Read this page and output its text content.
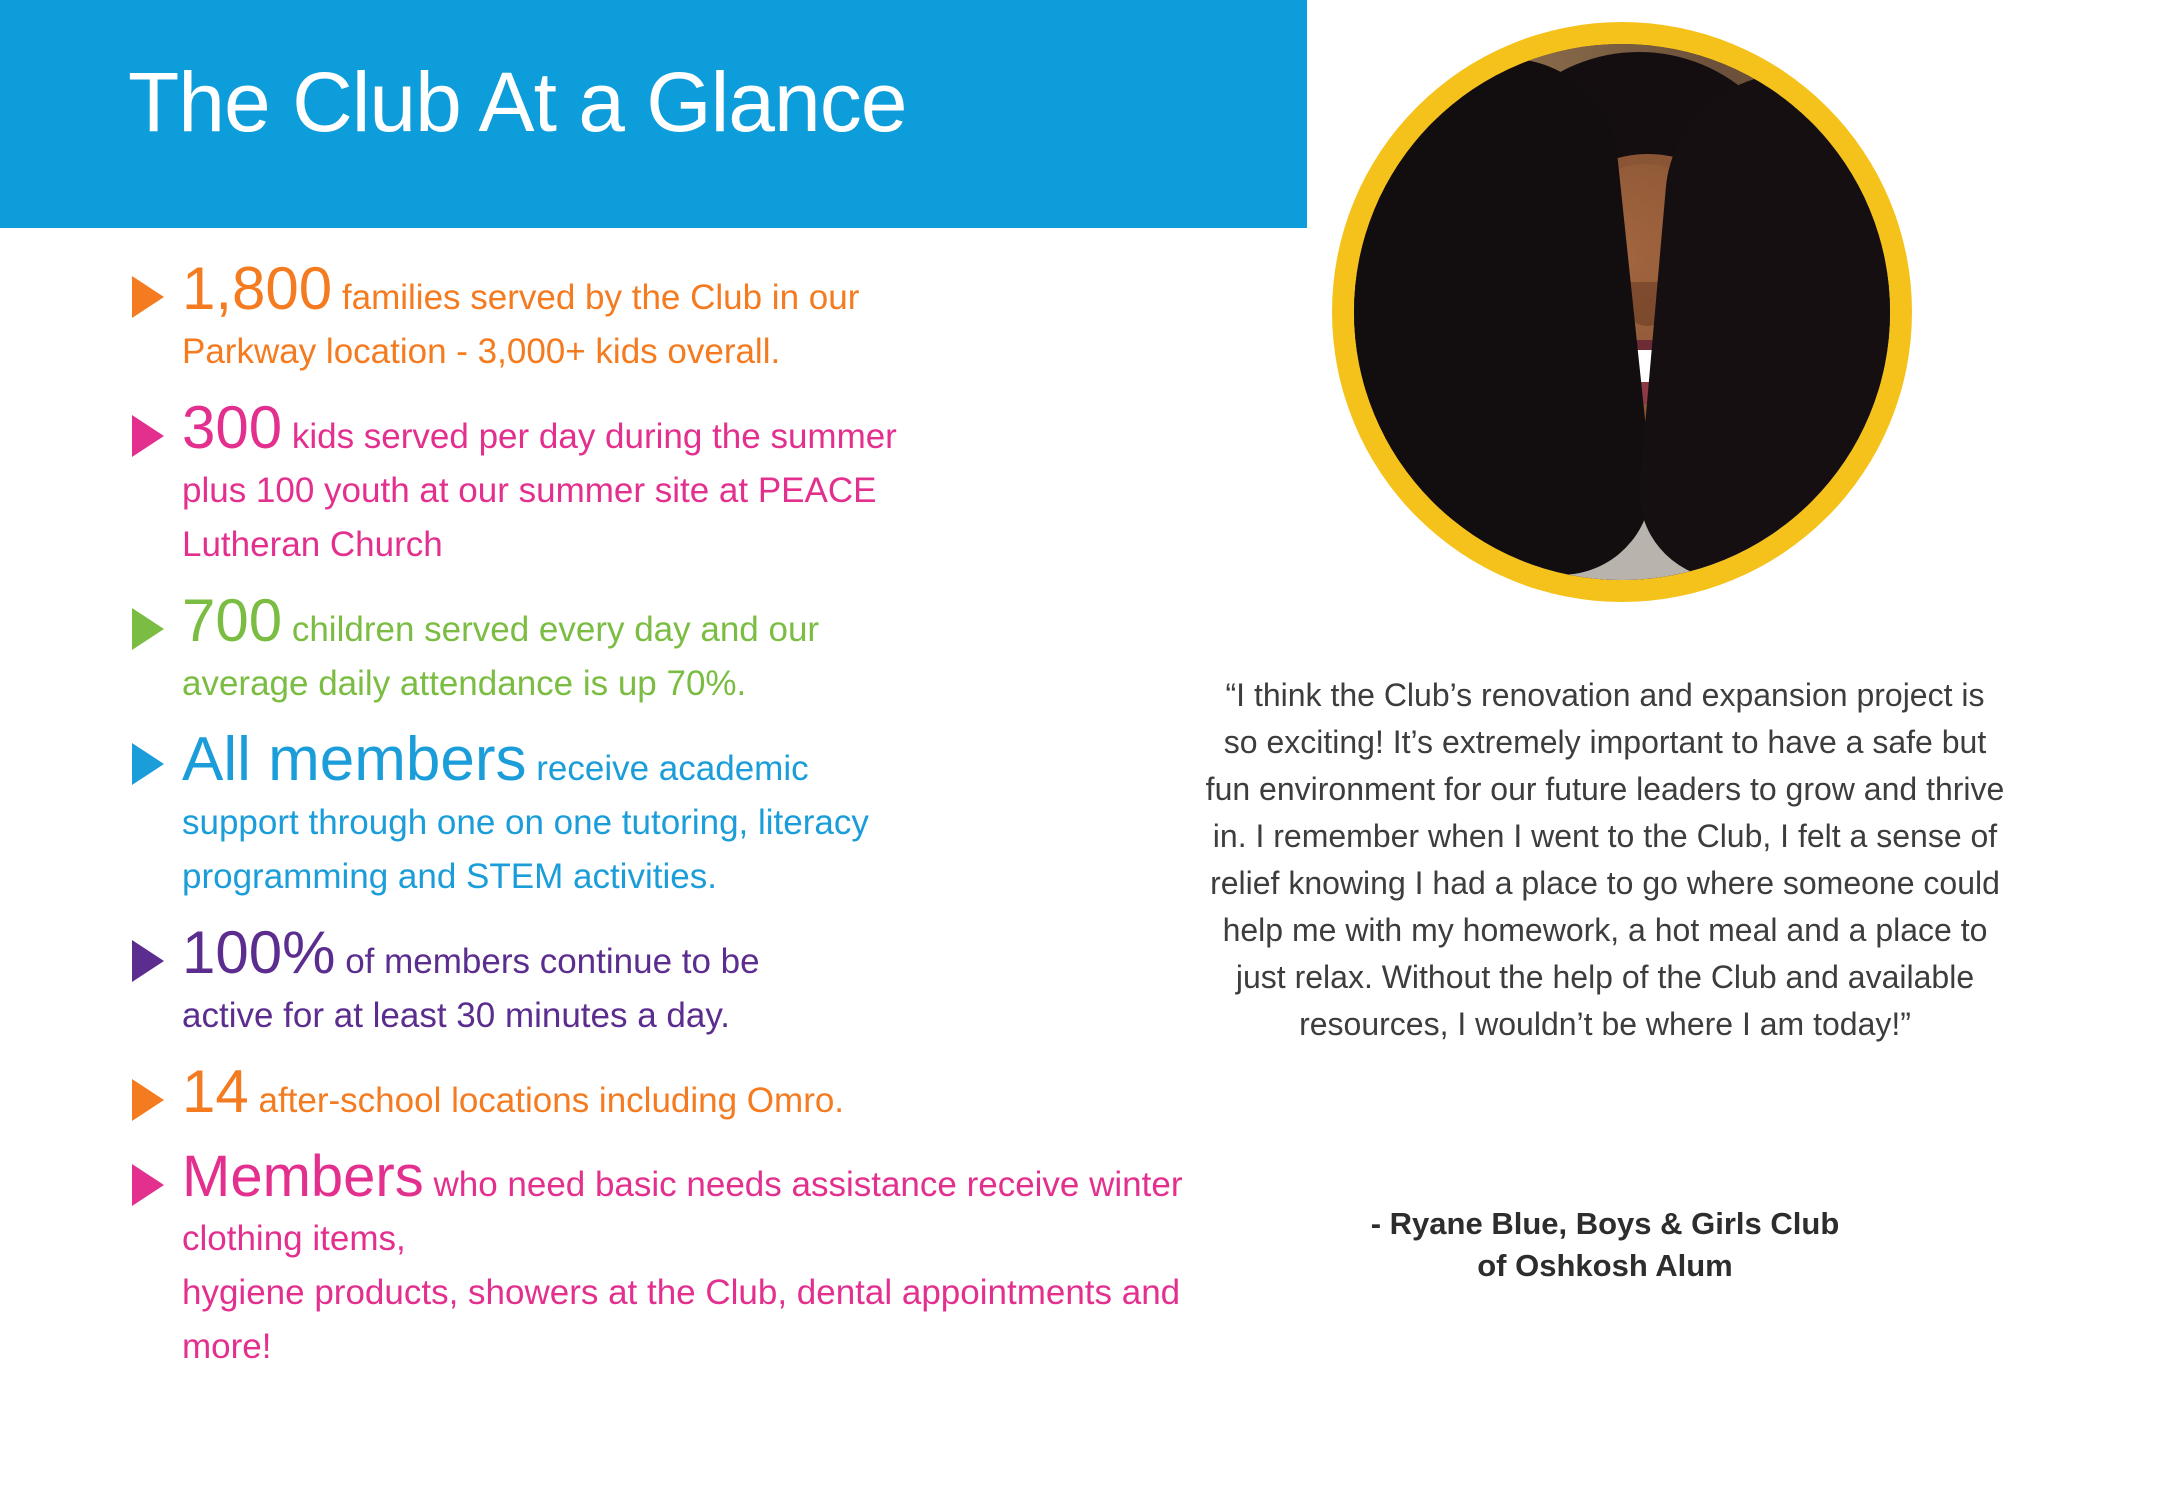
The Club At a Glance
1,800 families served by the Club in our
Parkway location - 3,000+ kids overall.
300 kids served per day during the summer
plus 100 youth at our summer site at PEACE
Lutheran Church
700 children served every day and our
average daily attendance is up 70%.
All members receive academic
support through one on one tutoring, literacy
programming and STEM activities.
100% of members continue to be
active for at least 30 minutes a day.
14 after-school locations including Omro.
Members who need basic needs assistance receive winter clothing items,
hygiene products, showers at the Club, dental appointments and more!
“I think the Club’s renovation and expansion project is so exciting! It’s extremely important to have a safe but fun environment for our future leaders to grow and thrive in. I remember when I went to the Club, I felt a sense of relief knowing I had a place to go where someone could help me with my homework, a hot meal and a place to just relax. Without the help of the Club and available resources, I wouldn’t be where I am today!”
- Ryane Blue, Boys & Girls Club
of Oshkosh Alum
